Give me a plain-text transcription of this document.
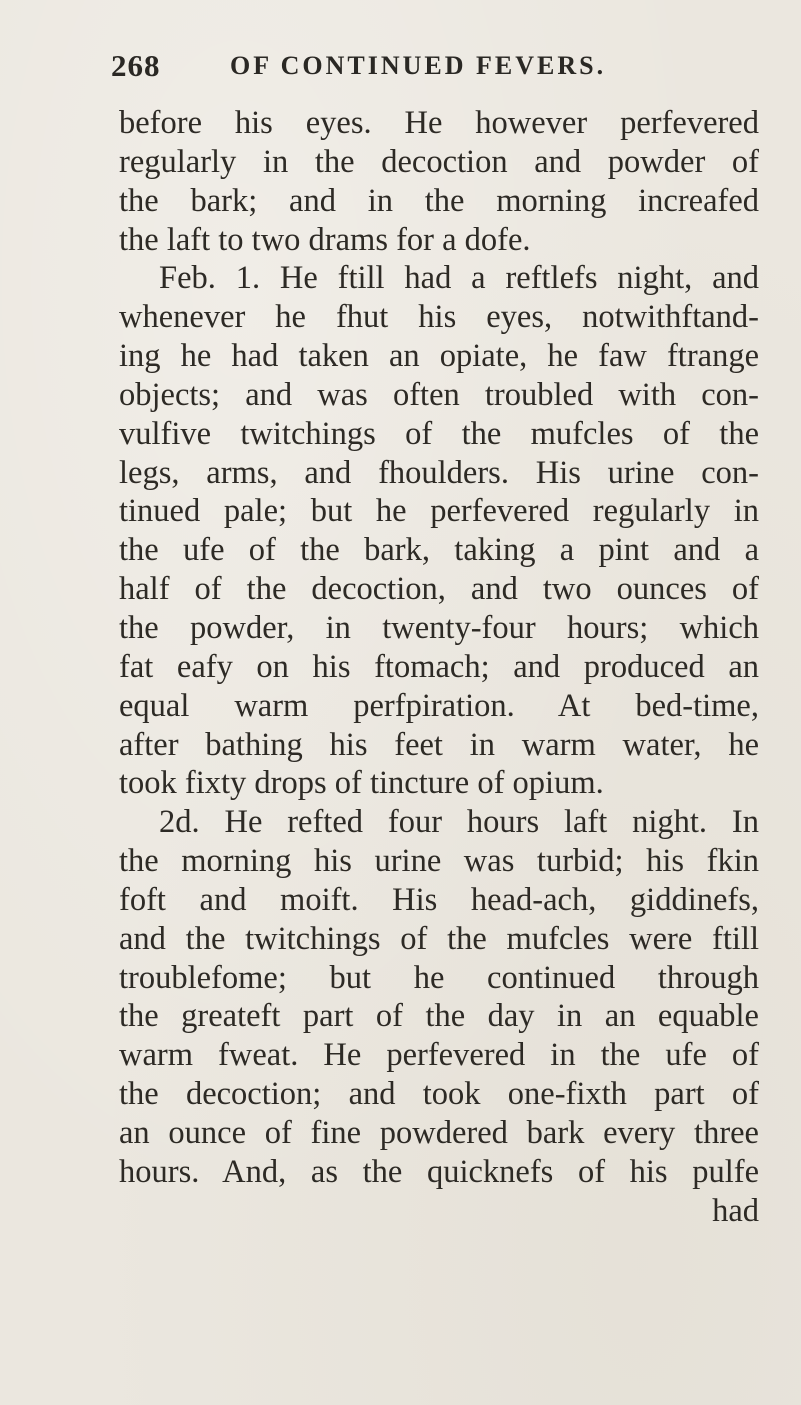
268	OF CONTINUED FEVERS.
before his eyes. He however perfevered
regularly in the decoction and powder of
the bark; and in the morning increafed
the laft to two drams for a dofe.
Feb. 1. He ftill had a reftlefs night, and
whenever he fhut his eyes, notwithftand-
ing he had taken an opiate, he faw ftrange
objects; and was often troubled with con-
vulfive twitchings of the mufcles of the
legs, arms, and fhoulders. His urine con-
tinued pale; but he perfevered regularly in
the ufe of the bark, taking a pint and a
half of the decoction, and two ounces of
the powder, in twenty-four hours; which
fat eafy on his ftomach; and produced an
equal warm perfpiration. At bed-time,
after bathing his feet in warm water, he
took fixty drops of tincture of opium.
2d. He refted four hours laft night. In
the morning his urine was turbid; his fkin
foft and moift. His head-ach, giddinefs,
and the twitchings of the mufcles were ftill
troublefome; but he continued through
the greateft part of the day in an equable
warm fweat. He perfevered in the ufe of
the decoction; and took one-fixth part of
an ounce of fine powdered bark every three
hours. And, as the quicknefs of his pulfe
had
